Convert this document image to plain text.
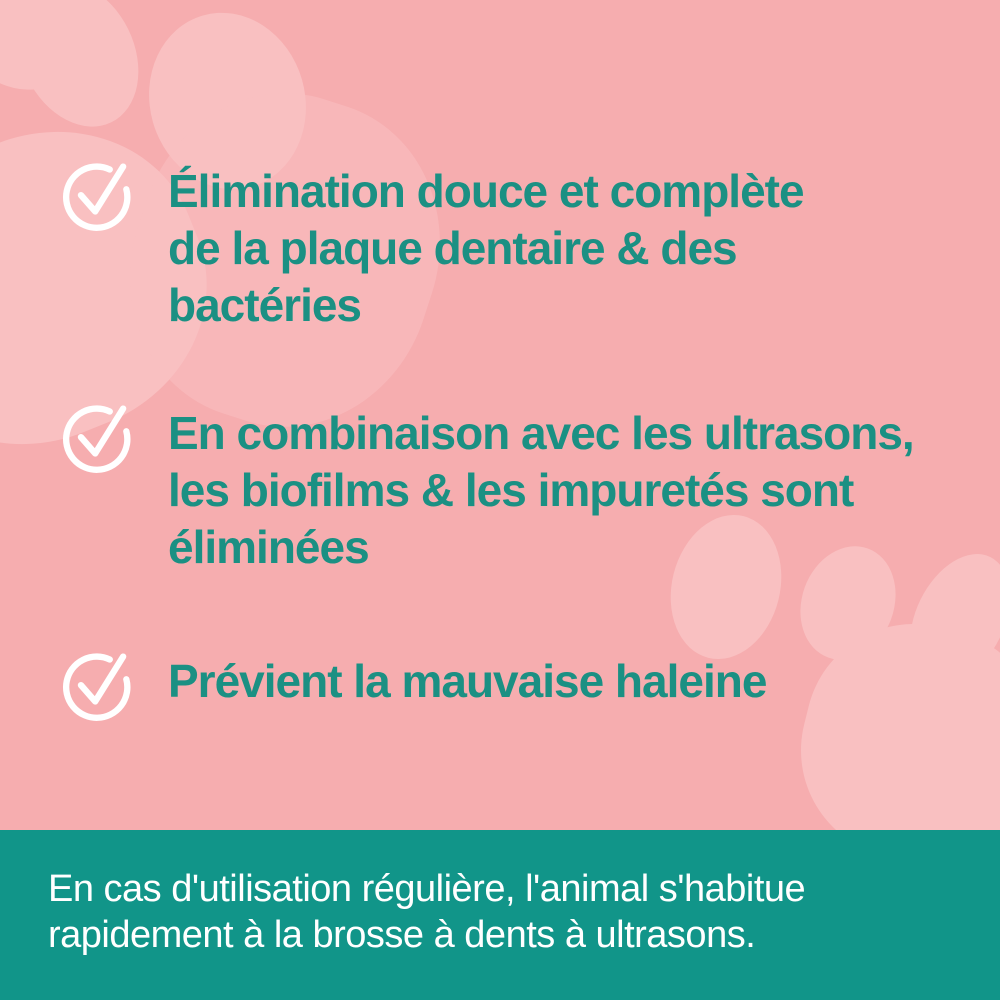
Élimination douce et complète
de la plaque dentaire & des
bactéries
En combinaison avec les ultrasons,
les biofilms & les impuretés sont
éliminées
Prévient la mauvaise haleine
En cas d'utilisation régulière, l'animal s'habitue
rapidement à la brosse à dents à ultrasons.
